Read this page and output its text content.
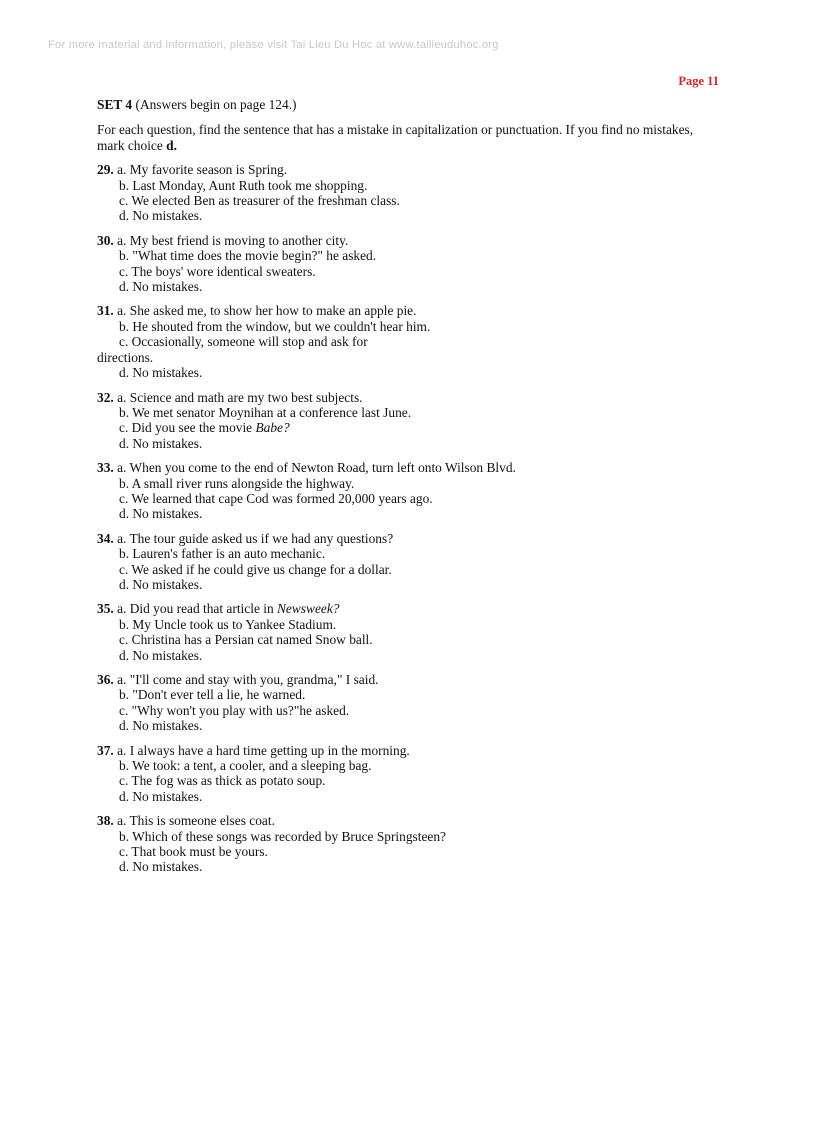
For more material and information, please visit Tai Lieu Du Hoc at www.tailieuduhoc.org
Page 11
SET 4 (Answers begin on page 124.)
For each question, find the sentence that has a mistake in capitalization or punctuation. If you find no mistakes, mark choice d.
29. a. My favorite season is Spring.
b. Last Monday, Aunt Ruth took me shopping.
c. We elected Ben as treasurer of the freshman class.
d. No mistakes.
30. a. My best friend is moving to another city.
b. "What time does the movie begin?" he asked.
c. The boys' wore identical sweaters.
d. No mistakes.
31. a. She asked me, to show her how to make an apple pie.
b. He shouted from the window, but we couldn't hear him.
c. Occasionally, someone will stop and ask for
directions.
d. No mistakes.
32. a. Science and math are my two best subjects.
b. We met senator Moynihan at a conference last June.
c. Did you see the movie Babe?
d. No mistakes.
33. a. When you come to the end of Newton Road, turn left onto Wilson Blvd.
b. A small river runs alongside the highway.
c. We learned that cape Cod was formed 20,000 years ago.
d. No mistakes.
34. a. The tour guide asked us if we had any questions?
b. Lauren's father is an auto mechanic.
c. We asked if he could give us change for a dollar.
d. No mistakes.
35. a. Did you read that article in Newsweek?
b. My Uncle took us to Yankee Stadium.
c. Christina has a Persian cat named Snow ball.
d. No mistakes.
36. a. "I'll come and stay with you, grandma," I said.
b. "Don't ever tell a lie, he warned.
c. "Why won't you play with us?"he asked.
d. No mistakes.
37. a. I always have a hard time getting up in the morning.
b. We took: a tent, a cooler, and a sleeping bag.
c. The fog was as thick as potato soup.
d. No mistakes.
38. a. This is someone elses coat.
b. Which of these songs was recorded by Bruce Springsteen?
c. That book must be yours.
d. No mistakes.
